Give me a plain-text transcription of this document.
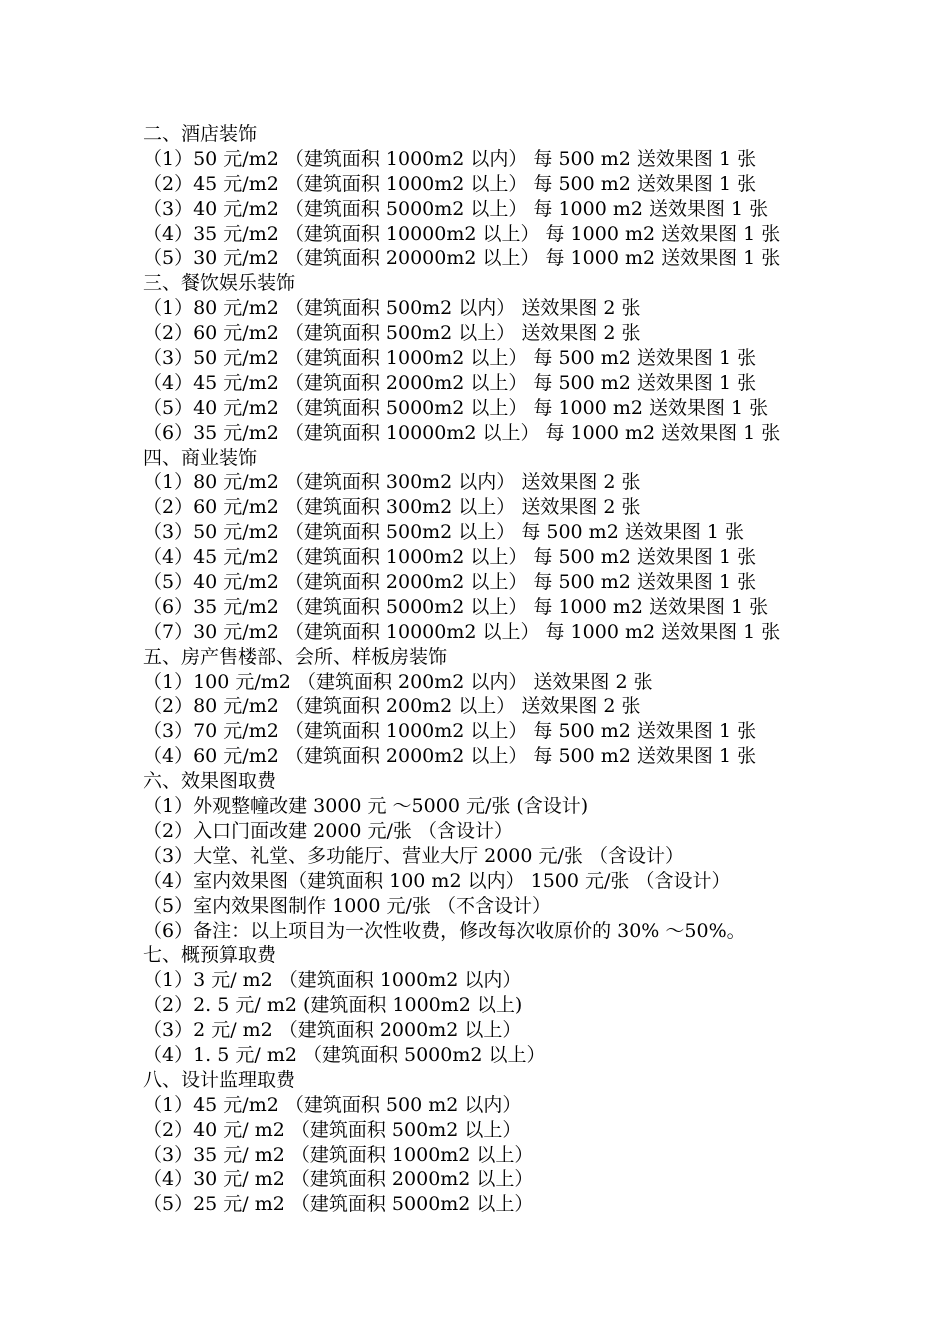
二、酒店装饰
（1）50 元/m2 （建筑面积 1000m2 以内） 每 500 m2 送效果图 1 张
（2）45 元/m2 （建筑面积 1000m2 以上） 每 500 m2 送效果图 1 张
（3）40 元/m2 （建筑面积 5000m2 以上） 每 1000 m2 送效果图 1 张
（4）35 元/m2 （建筑面积 10000m2 以上） 每 1000 m2 送效果图 1 张
（5）30 元/m2 （建筑面积 20000m2 以上） 每 1000 m2 送效果图 1 张
三、餐饮娱乐装饰
（1）80 元/m2 （建筑面积 500m2 以内） 送效果图 2 张
（2）60 元/m2 （建筑面积 500m2 以上） 送效果图 2 张
（3）50 元/m2 （建筑面积 1000m2 以上） 每 500 m2 送效果图 1 张
（4）45 元/m2 （建筑面积 2000m2 以上） 每 500 m2 送效果图 1 张
（5）40 元/m2 （建筑面积 5000m2 以上） 每 1000 m2 送效果图 1 张
（6）35 元/m2 （建筑面积 10000m2 以上） 每 1000 m2 送效果图 1 张
四、商业装饰
（1）80 元/m2 （建筑面积 300m2 以内） 送效果图 2 张
（2）60 元/m2 （建筑面积 300m2 以上） 送效果图 2 张
（3）50 元/m2 （建筑面积 500m2 以上） 每 500 m2 送效果图 1 张
（4）45 元/m2 （建筑面积 1000m2 以上） 每 500 m2 送效果图 1 张
（5）40 元/m2 （建筑面积 2000m2 以上） 每 500 m2 送效果图 1 张
（6）35 元/m2 （建筑面积 5000m2 以上） 每 1000 m2 送效果图 1 张
（7）30 元/m2 （建筑面积 10000m2 以上） 每 1000 m2 送效果图 1 张
五、房产售楼部、会所、样板房装饰
（1）100 元/m2 （建筑面积 200m2 以内） 送效果图 2 张
（2）80 元/m2 （建筑面积 200m2 以上） 送效果图 2 张
（3）70 元/m2 （建筑面积 1000m2 以上） 每 500 m2 送效果图 1 张
（4）60 元/m2 （建筑面积 2000m2 以上） 每 500 m2 送效果图 1 张
六、效果图取费
（1）外观整幢改建 3000 元 ～5000 元/张 (含设计)
（2）入口门面改建 2000 元/张 （含设计）
（3）大堂、礼堂、多功能厅、营业大厅 2000 元/张 （含设计）
（4）室内效果图（建筑面积 100 m2 以内） 1500 元/张 （含设计）
（5）室内效果图制作 1000 元/张 （不含设计）
（6）备注：以上项目为一次性收费，修改每次收原价的 30% ～50%。
七、概预算取费
（1）3 元/ m2 （建筑面积 1000m2 以内）
（2）2. 5 元/ m2 (建筑面积 1000m2 以上)
（3）2 元/ m2 （建筑面积 2000m2 以上）
（4）1. 5 元/ m2 （建筑面积 5000m2 以上）
八、设计监理取费
（1）45 元/m2 （建筑面积 500 m2 以内）
（2）40 元/ m2 （建筑面积 500m2 以上）
（3）35 元/ m2 （建筑面积 1000m2 以上）
（4）30 元/ m2 （建筑面积 2000m2 以上）
（5）25 元/ m2 （建筑面积 5000m2 以上）
